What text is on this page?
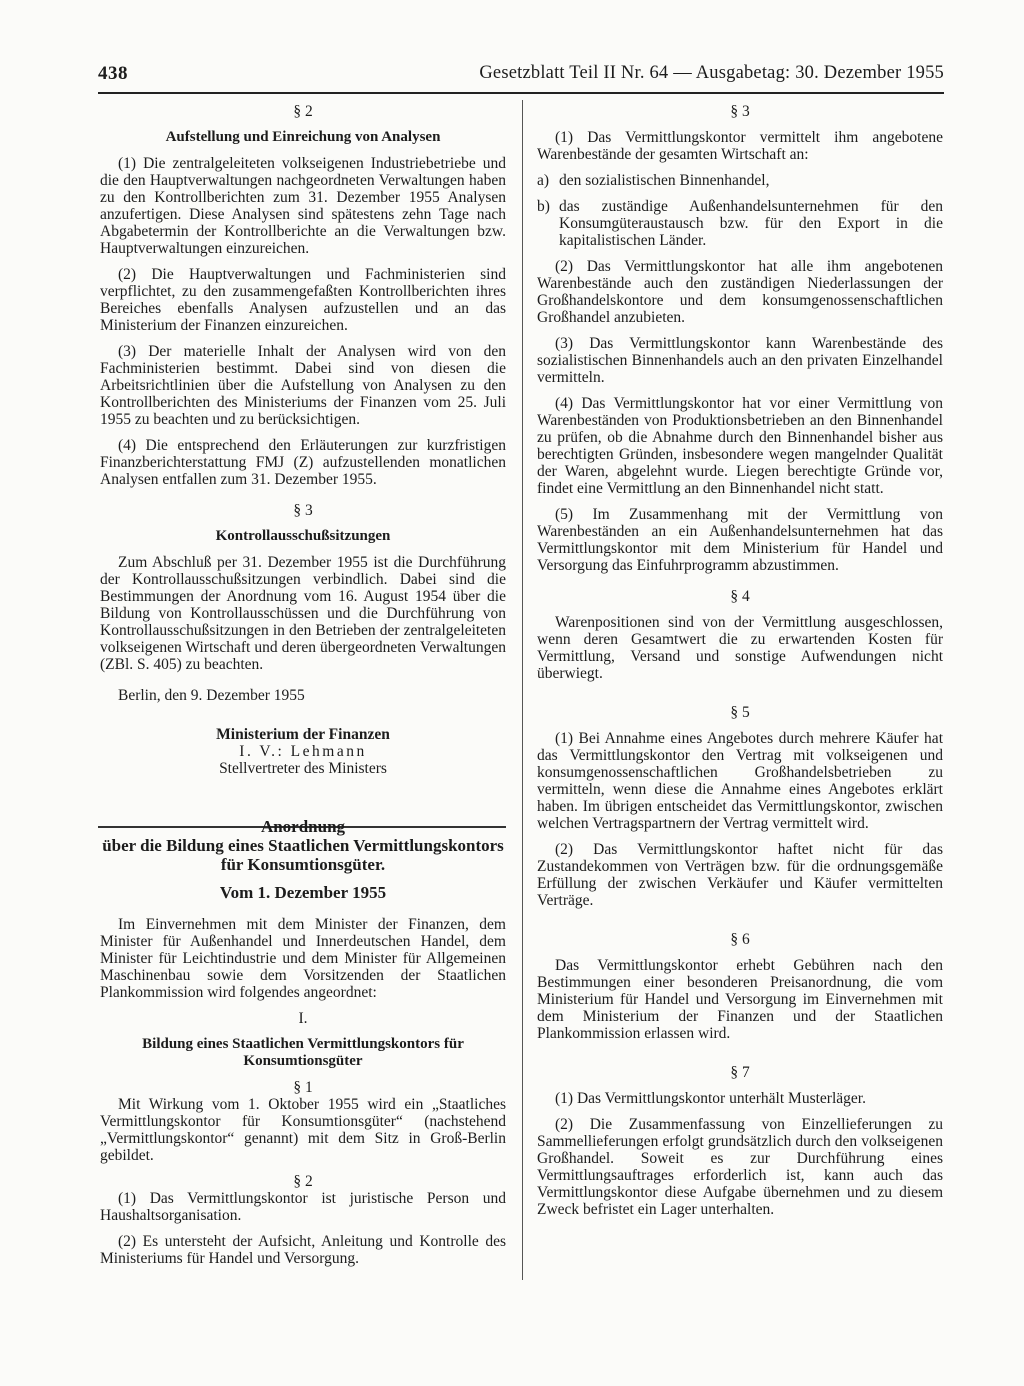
438	Gesetzblatt Teil II Nr. 64 — Ausgabetag: 30. Dezember 1955
§ 2
Aufstellung und Einreichung von Analysen

(1) Die zentralgeleiteten volkseigenen Industriebetriebe und die den Hauptverwaltungen nachgeordneten Verwaltungen haben zu den Kontrollberichten zum 31. Dezember 1955 Analysen anzufertigen. Diese Analysen sind spätestens zehn Tage nach Abgabetermin der Kontrollberichte an die Verwaltungen bzw. Hauptverwaltungen einzureichen.

(2) Die Hauptverwaltungen und Fachministerien sind verpflichtet, zu den zusammengefaßten Kontrollberichten ihres Bereiches ebenfalls Analysen aufzustellen und an das Ministerium der Finanzen einzureichen.

(3) Der materielle Inhalt der Analysen wird von den Fachministerien bestimmt. Dabei sind von diesen die Arbeitsrichtlinien über die Aufstellung von Analysen zu den Kontrollberichten des Ministeriums der Finanzen vom 25. Juli 1955 zu beachten und zu berücksichtigen.

(4) Die entsprechend den Erläuterungen zur kurzfristigen Finanzberichterstattung FMJ (Z) aufzustellenden monatlichen Analysen entfallen zum 31. Dezember 1955.

§ 3
Kontrollausschußsitzungen

Zum Abschluß per 31. Dezember 1955 ist die Durchführung der Kontrollausschußsitzungen verbindlich. Dabei sind die Bestimmungen der Anordnung vom 16. August 1954 über die Bildung von Kontrollausschüssen und die Durchführung von Kontrollausschußsitzungen in den Betrieben der zentralgeleiteten volkseigenen Wirtschaft und deren übergeordneten Verwaltungen (ZBl. S. 405) zu beachten.

Berlin, den 9. Dezember 1955

Ministerium der Finanzen
I. V.: Lehmann
Stellvertreter des Ministers
Anordnung
über die Bildung eines Staatlichen Vermittlungskontors für Konsumtionsgüter.
Vom 1. Dezember 1955

Im Einvernehmen mit dem Minister der Finanzen, dem Minister für Außenhandel und Innerdeutschen Handel, dem Minister für Leichtindustrie und dem Minister für Allgemeinen Maschinenbau sowie dem Vorsitzenden der Staatlichen Plankommission wird folgendes angeordnet:

I.
Bildung eines Staatlichen Vermittlungskontors für Konsumtionsgüter
§ 1

Mit Wirkung vom 1. Oktober 1955 wird ein „Staatliches Vermittlungskontor für Konsumtionsgüter“ (nachstehend „Vermittlungskontor“ genannt) mit dem Sitz in Groß-Berlin gebildet.

§ 2

(1) Das Vermittlungskontor ist juristische Person und Haushaltsorganisation.

(2) Es untersteht der Aufsicht, Anleitung und Kontrolle des Ministeriums für Handel und Versorgung.

§ 3

(1) Das Vermittlungskontor vermittelt ihm angebotene Warenbestände der gesamten Wirtschaft an:

a) den sozialistischen Binnenhandel,
b) das zuständige Außenhandelsunternehmen für den Konsumgüteraustausch bzw. für den Export in die kapitalistischen Länder.

(2) Das Vermittlungskontor hat alle ihm angebotenen Warenbestände auch den zuständigen Niederlassungen der Großhandelskontore und dem konsumgenossenschaftlichen Großhandel anzubieten.

(3) Das Vermittlungskontor kann Warenbestände des sozialistischen Binnenhandels auch an den privaten Einzelhandel vermitteln.

(4) Das Vermittlungskontor hat vor einer Vermittlung von Warenbeständen von Produktionsbetrieben an den Binnenhandel zu prüfen, ob die Abnahme durch den Binnenhandel bisher aus berechtigten Gründen, insbesondere wegen mangelnder Qualität der Waren, abgelehnt wurde. Liegen berechtigte Gründe vor, findet eine Vermittlung an den Binnenhandel nicht statt.

(5) Im Zusammenhang mit der Vermittlung von Warenbeständen an ein Außenhandelsunternehmen hat das Vermittlungskontor mit dem Ministerium für Handel und Versorgung das Einfuhrprogramm abzustimmen.

§ 4

Warenpositionen sind von der Vermittlung ausgeschlossen, wenn deren Gesamtwert die zu erwartenden Kosten für Vermittlung, Versand und sonstige Aufwendungen nicht überwiegt.

§ 5

(1) Bei Annahme eines Angebotes durch mehrere Käufer hat das Vermittlungskontor den Vertrag mit volkseigenen und konsumgenossenschaftlichen Großhandelsbetrieben zu vermitteln, wenn diese die Annahme eines Angebotes erklärt haben. Im übrigen entscheidet das Vermittlungskontor, zwischen welchen Vertragspartnern der Vertrag vermittelt wird.

(2) Das Vermittlungskontor haftet nicht für das Zustandekommen von Verträgen bzw. für die ordnungsgemäße Erfüllung der zwischen Verkäufer und Käufer vermittelten Verträge.

§ 6

Das Vermittlungskontor erhebt Gebühren nach den Bestimmungen einer besonderen Preisanordnung, die vom Ministerium für Handel und Versorgung im Einvernehmen mit dem Ministerium der Finanzen und der Staatlichen Plankommission erlassen wird.

§ 7

(1) Das Vermittlungskontor unterhält Musterläger.

(2) Die Zusammenfassung von Einzellieferungen zu Sammellieferungen erfolgt grundsätzlich durch den volkseigenen Großhandel. Soweit es zur Durchführung eines Vermittlungsauftrages erforderlich ist, kann auch das Vermittlungskontor diese Aufgabe übernehmen und zu diesem Zweck befristet ein Lager unterhalten.
